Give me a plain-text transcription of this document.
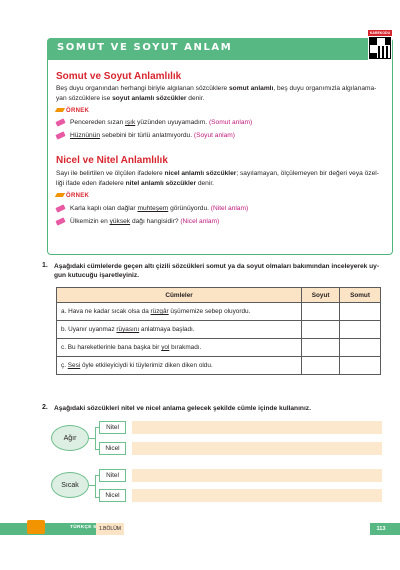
SOMUT VE SOYUT ANLAM
KAREKODU
Somut ve Soyut Anlamlılık
Beş duyu organından herhangi biriyle algılanan sözcüklere somut anlamlı, beş duyu organımızla algılanama-
yan sözcüklere ise soyut anlamlı sözcükler denir.
ÖRNEK
Pencereden sızan ışık yüzünden uyuyamadım. (Somut anlam)
Hüznünün sebebini bir türlü anlatmıyordu. (Soyut anlam)
Nicel ve Nitel Anlamlılık
Sayı ile belirtilen ve ölçülen ifadelere nicel anlamlı sözcükler; sayılamayan, ölçülemeyen bir değeri veya özel-
liği ifade eden ifadelere nitel anlamlı sözcükler denir.
ÖRNEK
Karla kaplı olan dağlar muhteşem görünüyordu. (Nitel anlam)
Ülkemizin en yüksek dağı hangisidir? (Nicel anlam)
1. Aşağıdaki cümlelerde geçen altı çizili sözcükleri somut ya da soyut olmaları bakımından inceleyerek uy-
gun kutucuğu işaretleyiniz.
Cümleler	Soyut	Somut
a. Hava ne kadar sıcak olsa da rüzgâr üşümemize sebep oluyordu.		
b. Uyanır uyanmaz rüyasını anlatmaya başladı.		
c. Bu hareketlerinle bana başka bir yol bırakmadı.		
ç. Sesi öyle etkileyiciydi ki tüylerimiz diken diken oldu.		
2. Aşağıdaki sözcükleri nitel ve nicel anlama gelecek şekilde cümle içinde kullanınız.
Ağır
Nitel
Nicel
Sıcak
Nitel
Nicel
TÜRKÇE 6 1.BÖLÜM	113
